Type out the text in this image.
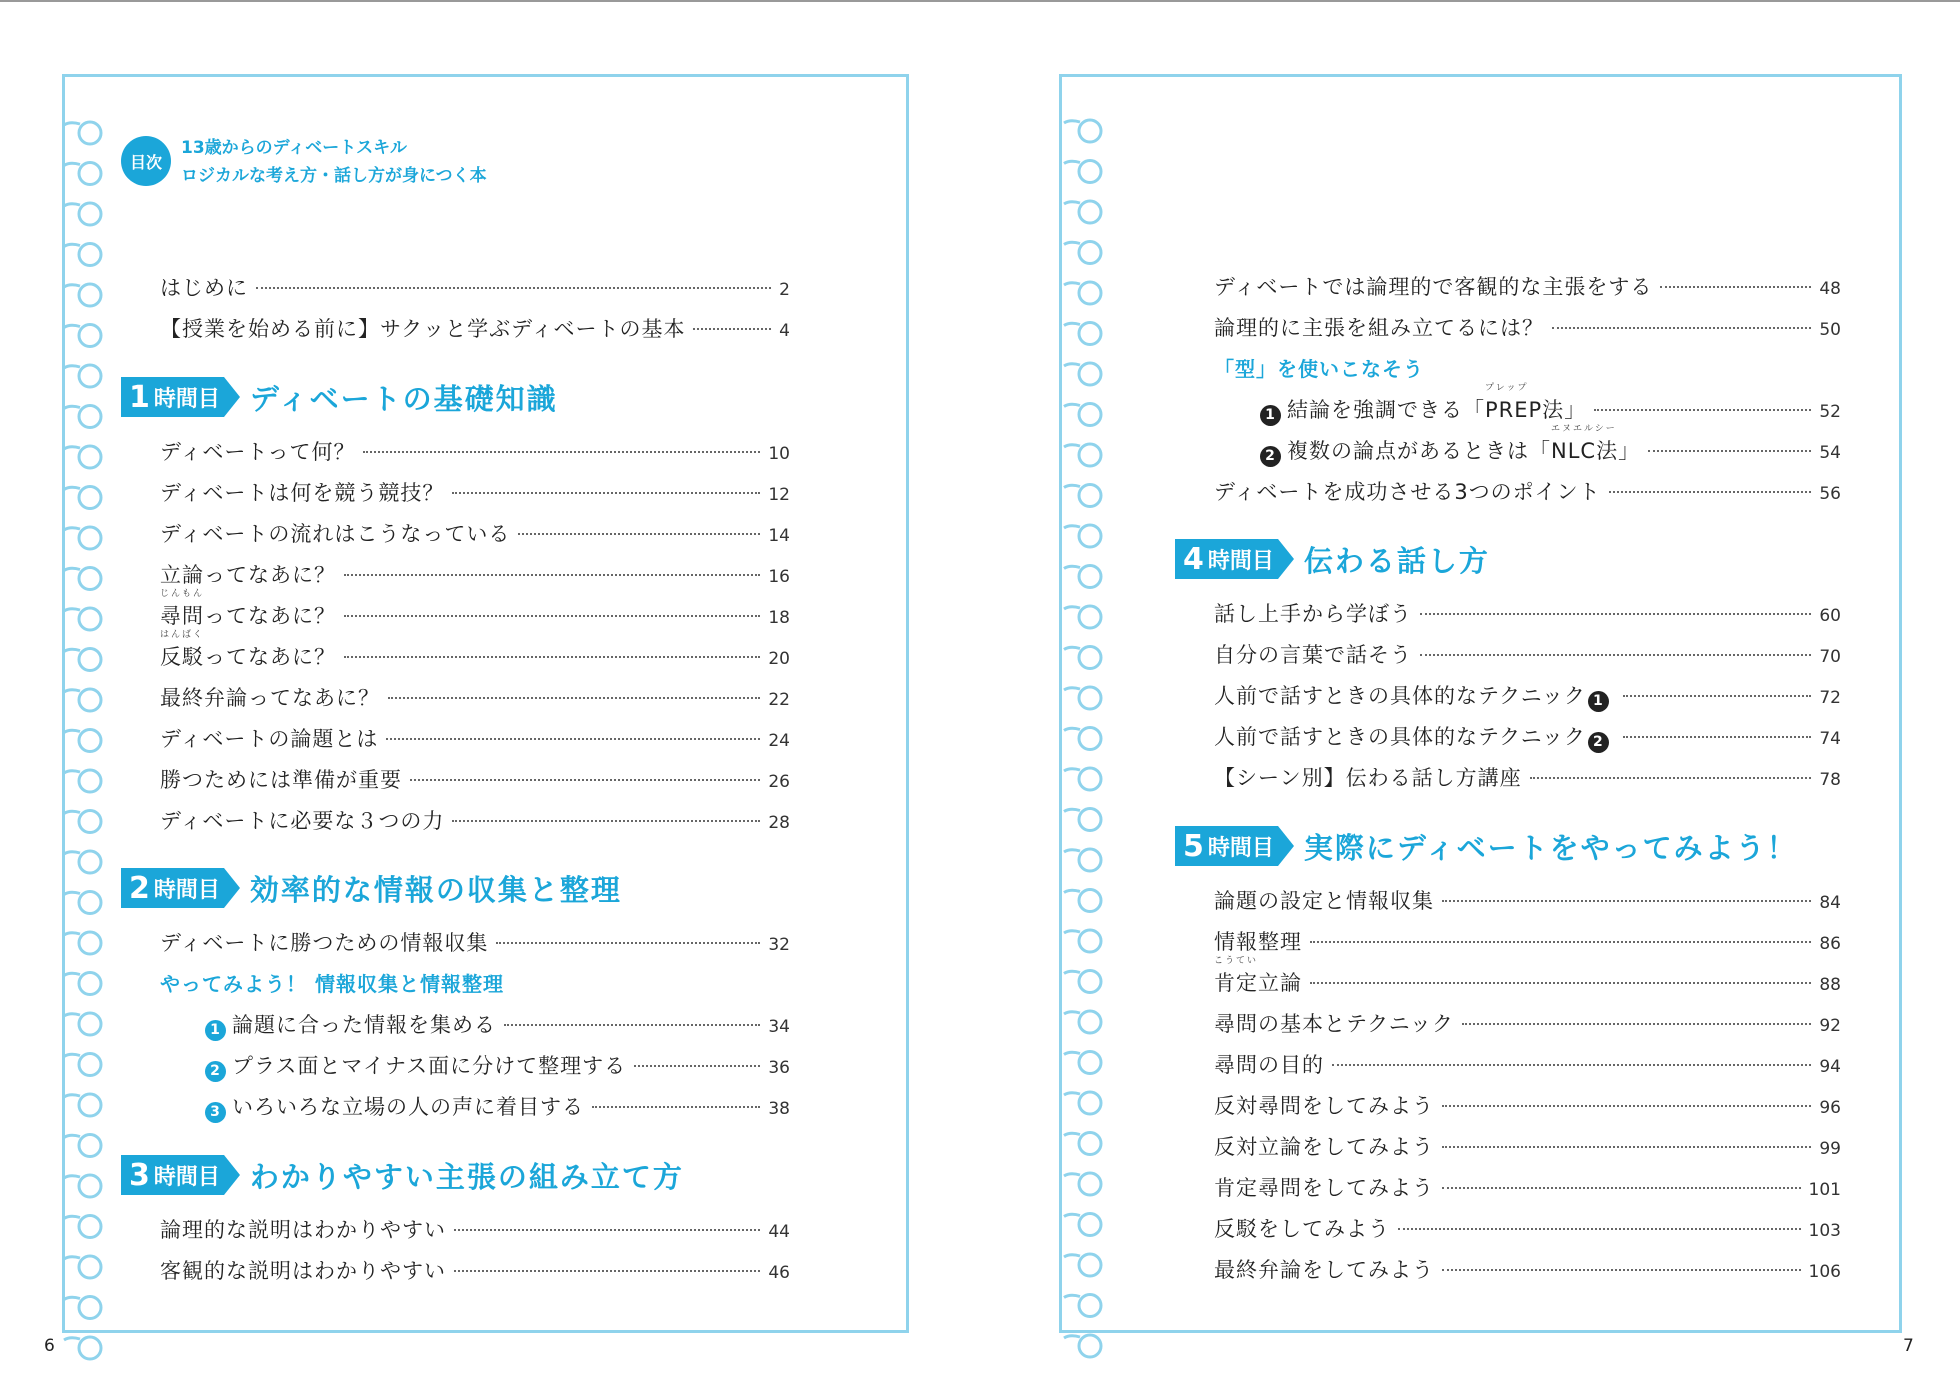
目次
13歳からのディベートスキル
ロジカルな考え方・話し方が身につく本
はじめに	2
【授業を始める前に】サクッと学ぶディベートの基本	4
1 時間目 ディベートの基礎知識
ディベートって何？	10
ディベートは何を競う競技？	12
ディベートの流れはこうなっている	14
立論ってなあに？	16
じんもん
尋問 ってなあに？	18
はんばく
反駁 ってなあに？	20
最終弁論ってなあに？	22
ディベートの論題とは	24
勝つためには準備が重要	26
ディベートに必要な３つの力	28
2 時間目 効率的な情報の収集と整理
ディベートに勝つための情報収集	32
やってみよう！ 情報収集と情報整理
1 論題に合った情報を集める	34
2 プラス面とマイナス面に分けて整理する	36
3 いろいろな立場の人の声に着目する	38
3 時間目 わかりやすい主張の組み立て方
論理的な説明はわかりやすい	44
客観的な説明はわかりやすい	46
6
ディベートでは論理的で客観的な主張をする	48
論理的に主張を組み立てるには？	50
「型」を使いこなそう
1 結論を強調できる「
プレップ
PREP法 」	52
2 複数の論点があるときは「
エヌエルシー
NLC法 」	54
ディベートを成功させる3つのポイント	56
4 時間目 伝わる話し方
話し上手から学ぼう	60
自分の言葉で話そう	70
人前で話すときの具体的なテクニック 1	72
人前で話すときの具体的なテクニック 2	74
【シーン別】伝わる話し方講座	78
5 時間目 実際にディベートをやってみよう！
論題の設定と情報収集	84
情報整理	86
こうてい
肯定 立論	88
尋問の基本とテクニック	92
尋問の目的	94
反対尋問をしてみよう	96
反対立論をしてみよう	99
肯定尋問をしてみよう	101
反駁をしてみよう	103
最終弁論をしてみよう	106
7
